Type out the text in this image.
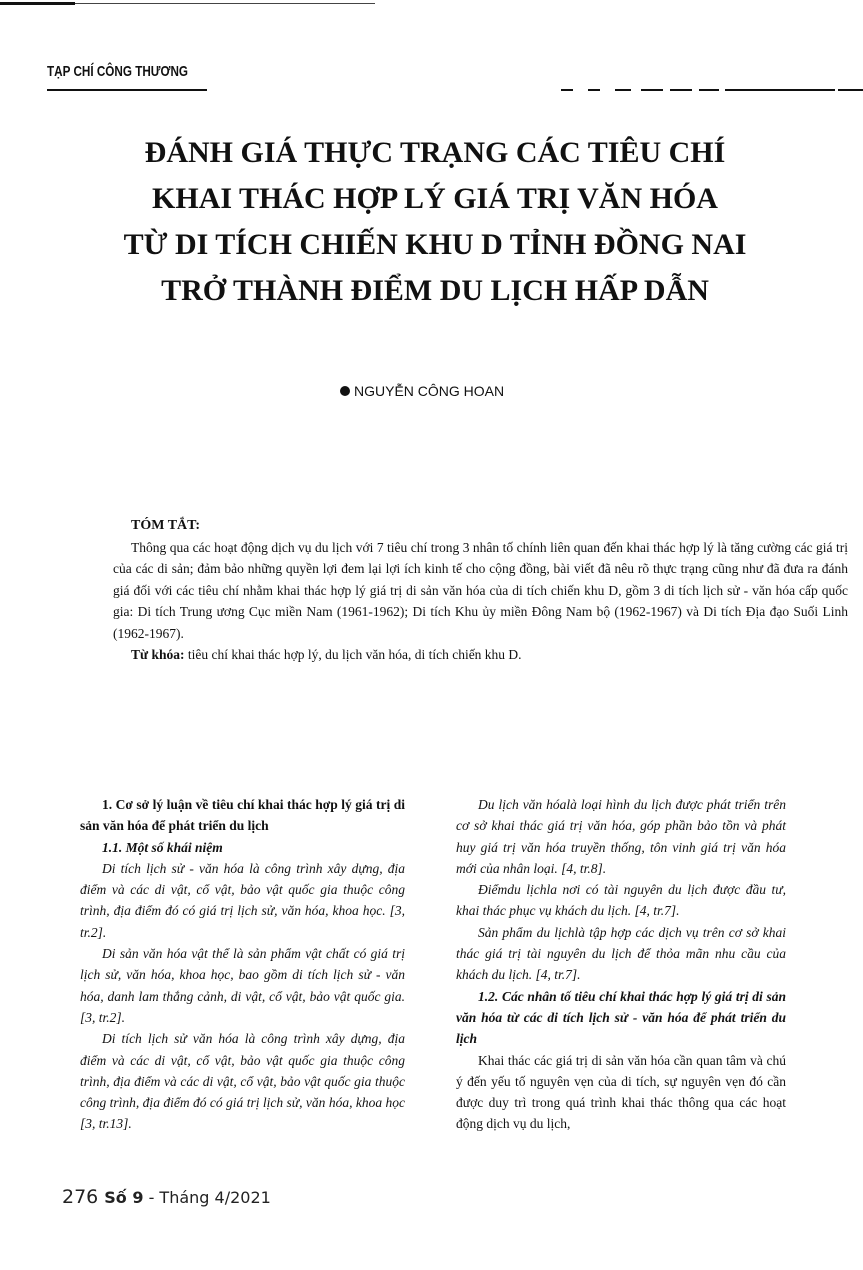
TẠP CHÍ CÔNG THƯƠNG
ĐÁNH GIÁ THỰC TRẠNG CÁC TIÊU CHÍ
KHAI THÁC HỢP LÝ GIÁ TRỊ VĂN HÓA
TỪ DI TÍCH CHIẾN KHU D TỈNH ĐỒNG NAI
TRỞ THÀNH ĐIỂM DU LỊCH HẤP DẪN
NGUYỄN CÔNG HOAN
TÓM TẮT:

Thông qua các hoạt động dịch vụ du lịch với 7 tiêu chí trong 3 nhân tố chính liên quan đến khai thác hợp lý là tăng cường các giá trị của các di sản; đảm bảo những quyền lợi đem lại lợi ích kinh tế cho cộng đồng, bài viết đã nêu rõ thực trạng cũng như đã đưa ra đánh giá đối với các tiêu chí nhằm khai thác hợp lý giá trị di sản văn hóa của di tích chiến khu D, gồm 3 di tích lịch sử - văn hóa cấp quốc gia: Di tích Trung ương Cục miền Nam (1961-1962); Di tích Khu ủy miền Đông Nam bộ (1962-1967) và Di tích Địa đạo Suối Linh (1962-1967).

Từ khóa: tiêu chí khai thác hợp lý, du lịch văn hóa, di tích chiến khu D.

1. Cơ sở lý luận về tiêu chí khai thác hợp lý giá trị di sản văn hóa để phát triển du lịch

1.1. Một số khái niệm

Di tích lịch sử - văn hóa là công trình xây dựng, địa điểm và các di vật, cổ vật, bảo vật quốc gia thuộc công trình, địa điểm đó có giá trị lịch sử, văn hóa, khoa học. [3, tr.2].

Di sản văn hóa vật thể là sản phẩm vật chất có giá trị lịch sử, văn hóa, khoa học, bao gồm di tích lịch sử - văn hóa, danh lam thắng cảnh, di vật, cổ vật, bảo vật quốc gia. [3, tr.2].

Di tích lịch sử văn hóa là công trình xây dựng, địa điểm và các di vật, cổ vật, bảo vật quốc gia thuộc công trình, địa điểm và các di vật, cổ vật, bảo vật quốc gia thuộc công trình, địa điểm đó có giá trị lịch sử, văn hóa, khoa học [3, tr.13].

Du lịch văn hóalà loại hình du lịch được phát triển trên cơ sở khai thác giá trị văn hóa, góp phần bảo tồn và phát huy giá trị văn hóa truyền thống, tôn vinh giá trị văn hóa mới của nhân loại. [4, tr.8].

Điểmdu lịchla nơi có tài nguyên du lịch được đầu tư, khai thác phục vụ khách du lịch. [4, tr.7].

Sản phẩm du lịchlà tập hợp các dịch vụ trên cơ sở khai thác giá trị tài nguyên du lịch để thỏa mãn nhu cầu của khách du lịch. [4, tr.7].

1.2. Các nhân tố tiêu chí khai thác hợp lý giá trị di sản văn hóa từ các di tích lịch sử - văn hóa để phát triển du lịch

Khai thác các giá trị di sản văn hóa cần quan tâm và chú ý đến yếu tố nguyên vẹn của di tích, sự nguyên vẹn đó cần được duy trì trong quá trình khai thác thông qua các hoạt động dịch vụ du lịch,

276 Số 9 - Tháng 4/2021
